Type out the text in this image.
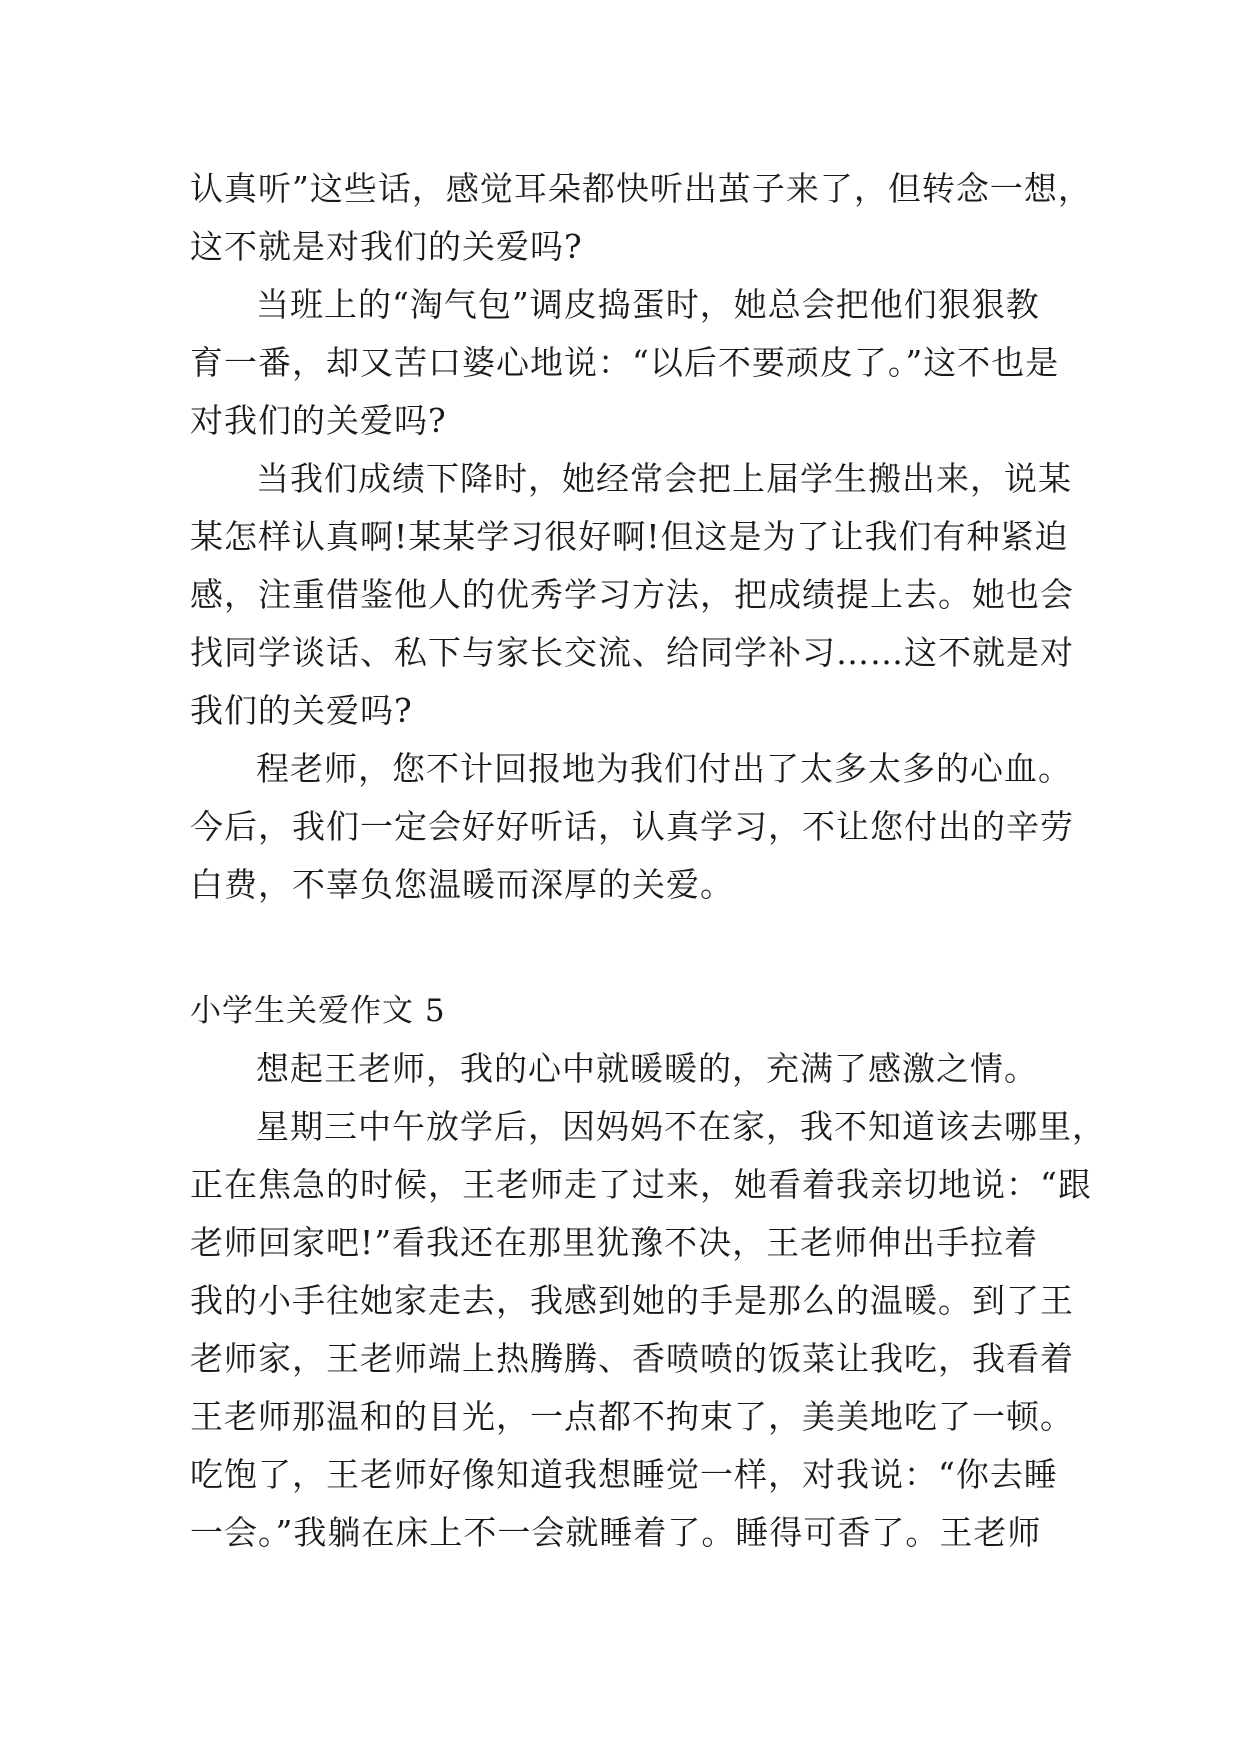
认真听”这些话，感觉耳朵都快听出茧子来了，但转念一想，
这不就是对我们的关爱吗?
当班上的“淘气包”调皮捣蛋时，她总会把他们狠狠教
育一番，却又苦口婆心地说：“以后不要顽皮了。”这不也是
对我们的关爱吗?
当我们成绩下降时，她经常会把上届学生搬出来，说某
某怎样认真啊!某某学习很好啊!但这是为了让我们有种紧迫
感，注重借鉴他人的优秀学习方法，把成绩提上去。她也会
找同学谈话、私下与家长交流、给同学补习……这不就是对
我们的关爱吗?
程老师，您不计回报地为我们付出了太多太多的心血。
今后，我们一定会好好听话，认真学习，不让您付出的辛劳
白费，不辜负您温暖而深厚的关爱。
小学生关爱作文 5
想起王老师，我的心中就暖暖的，充满了感激之情。
星期三中午放学后，因妈妈不在家，我不知道该去哪里，
正在焦急的时候，王老师走了过来，她看着我亲切地说：“跟
老师回家吧!”看我还在那里犹豫不决，王老师伸出手拉着
我的小手往她家走去，我感到她的手是那么的温暖。到了王
老师家，王老师端上热腾腾、香喷喷的饭菜让我吃，我看着
王老师那温和的目光，一点都不拘束了，美美地吃了一顿。
吃饱了，王老师好像知道我想睡觉一样，对我说：“你去睡
一会。”我躺在床上不一会就睡着了。睡得可香了。王老师
